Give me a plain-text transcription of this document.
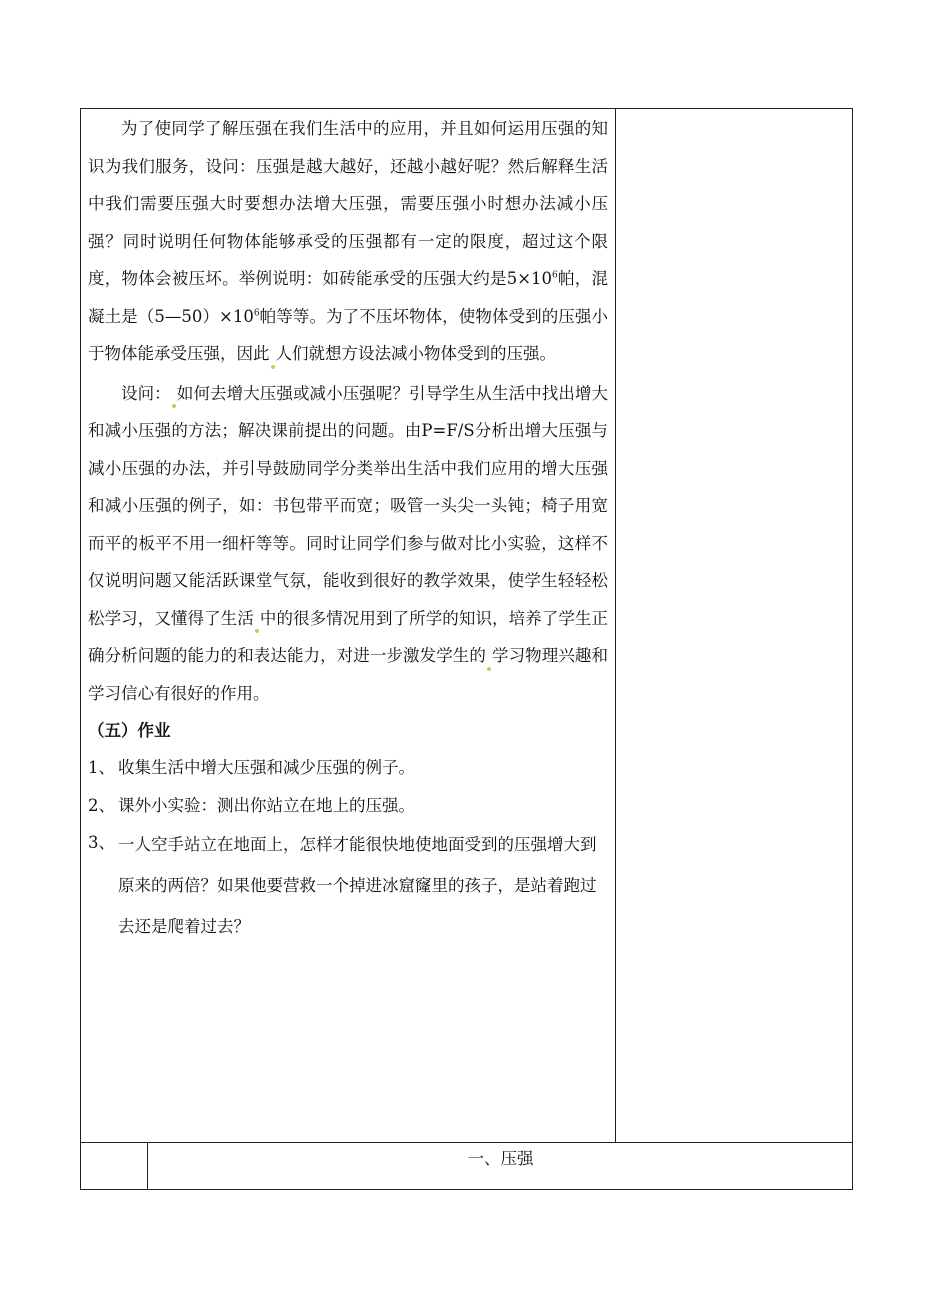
为了使同学了解压强在我们生活中的应用，并且如何运用压强的知识为我们服务，设问：压强是越大越好，还越小越好呢？然后解释生活中我们需要压强大时要想办法增大压强，需要压强小时想办法减小压强？同时说明任何物体能够承受的压强都有一定的限度，超过这个限度，物体会被压坏。举例说明：如砖能承受的压强大约是$5\times 10^6$帕，混凝土是$(5—50)\times 10^6$帕等等。为了不压坏物体，使物体受到的压强小于物体能承受压强，因此 人们就想方设法减小物体受到的压强。

设问： 如何去增大压强或减小压强呢？引导学生从生活中找出增大和减小压强的方法；解决课前提出的问题。由P=F/S分析出增大压强与减小压强的办法，并引导鼓励同学分类举出生活中我们应用的增大压强和减小压强的例子，如：书包带平而宽；吸管一头尖一头钝；椅子用宽而平的板平不用一细杆等等。同时让同学们参与做对比小实验，这样不仅说明问题又能活跃课堂气氛，能收到很好的教学效果，使学生轻轻松松学习，又懂得了生活 中的很多情况用到了所学的知识，培养了学生正确分析问题的能力的和表达能力，对进一步激发学生的 学习物理兴趣和学习信心有很好的作用。

（五）作业
1、 收集生活中增大压强和减少压强的例子。
2、 课外小实验：测出你站立在地上的压强。
3、 一人空手站立在地面上，怎样才能很快地使地面受到的压强增大到原来的两倍？如果他要营救一个掉进冰窟窿里的孩子，是站着跑过去还是爬着过去？
一、压强
